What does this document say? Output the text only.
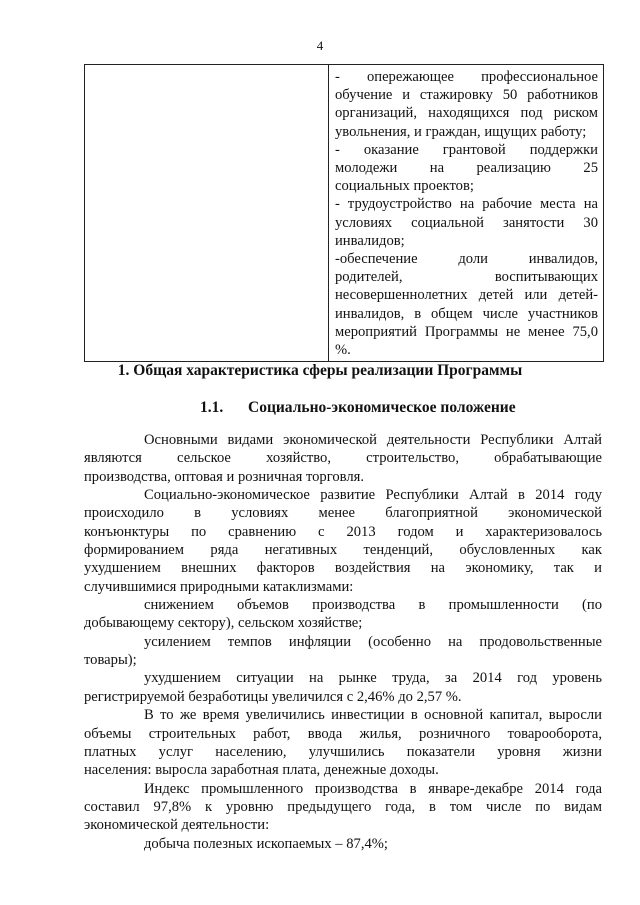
4

- опережающее профессиональное
обучение и стажировку 50 работников
организаций, находящихся под риском
увольнения, и граждан, ищущих работу;
- оказание грантовой поддержки
молодежи на реализацию 25
социальных проектов;
- трудоустройство на рабочие места на
условиях социальной занятости 30
инвалидов;
-обеспечение доли инвалидов,
родителей, воспитывающих
несовершеннолетних детей или детей-
инвалидов, в общем числе участников
мероприятий Программы не менее 75,0
%.
1. Общая характеристика сферы реализации Программы
1.1. Социально-экономическое положение
Основными видами экономической деятельности Республики Алтай
являются сельское хозяйство, строительство, обрабатывающие
производства, оптовая и розничная торговля.
Социально-экономическое развитие Республики Алтай в 2014 году
происходило в условиях менее благоприятной экономической
конъюнктуры по сравнению с 2013 годом и характеризовалось
формированием ряда негативных тенденций, обусловленных как
ухудшением внешних факторов воздействия на экономику, так и
случившимися природными катаклизмами:
снижением объемов производства в промышленности (по
добывающему сектору), сельском хозяйстве;
усилением темпов инфляции (особенно на продовольственные
товары);
ухудшением ситуации на рынке труда, за 2014 год уровень
регистрируемой безработицы увеличился с 2,46% до 2,57 %.
В то же время увеличились инвестиции в основной капитал, выросли
объемы строительных работ, ввода жилья, розничного товарооборота,
платных услуг населению, улучшились показатели уровня жизни
населения: выросла заработная плата, денежные доходы.
Индекс промышленного производства в январе-декабре 2014 года
составил 97,8% к уровню предыдущего года, в том числе по видам
экономической деятельности:
добыча полезных ископаемых – 87,4%;
